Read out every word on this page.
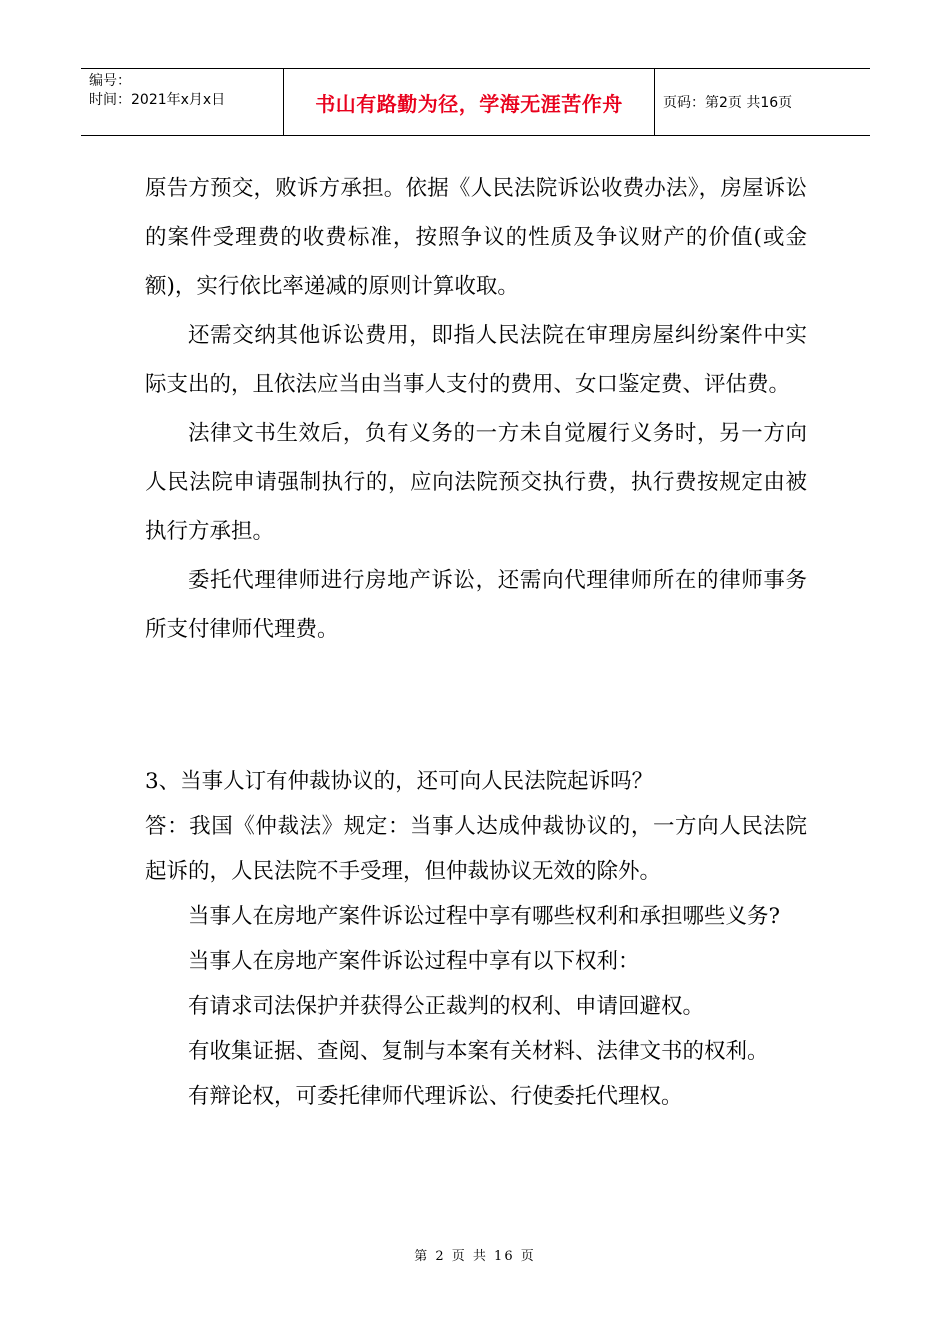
编号：
时间：2021年x月x日	书山有路勤为径，学海无涯苦作舟	页码：第2页 共16页

原告方预交，败诉方承担。依据《人民法院诉讼收费办法》，房屋诉讼的案件受理费的收费标准，按照争议的性质及争议财产的价值(或金额)，实行依比率递减的原则计算收取。

还需交纳其他诉讼费用，即指人民法院在审理房屋纠纷案件中实际支出的，且依法应当由当事人支付的费用、女口鉴定费、评估费。

法律文书生效后，负有义务的一方未自觉履行义务时，另一方向人民法院申请强制执行的，应向法院预交执行费，执行费按规定由被执行方承担。

委托代理律师进行房地产诉讼，还需向代理律师所在的律师事务所支付律师代理费。

3、当事人订有仲裁协议的，还可向人民法院起诉吗？

答：我国《仲裁法》规定：当事人达成仲裁协议的，一方向人民法院起诉的，人民法院不手受理，但仲裁协议无效的除外。

当事人在房地产案件诉讼过程中享有哪些权利和承担哪些义务?

当事人在房地产案件诉讼过程中享有以下权利：

有请求司法保护并获得公正裁判的权利、申请回避权。

有收集证据、查阅、复制与本案有关材料、法律文书的权利。

有辩论权，可委托律师代理诉讼、行使委托代理权。

第 2 页 共 16 页
